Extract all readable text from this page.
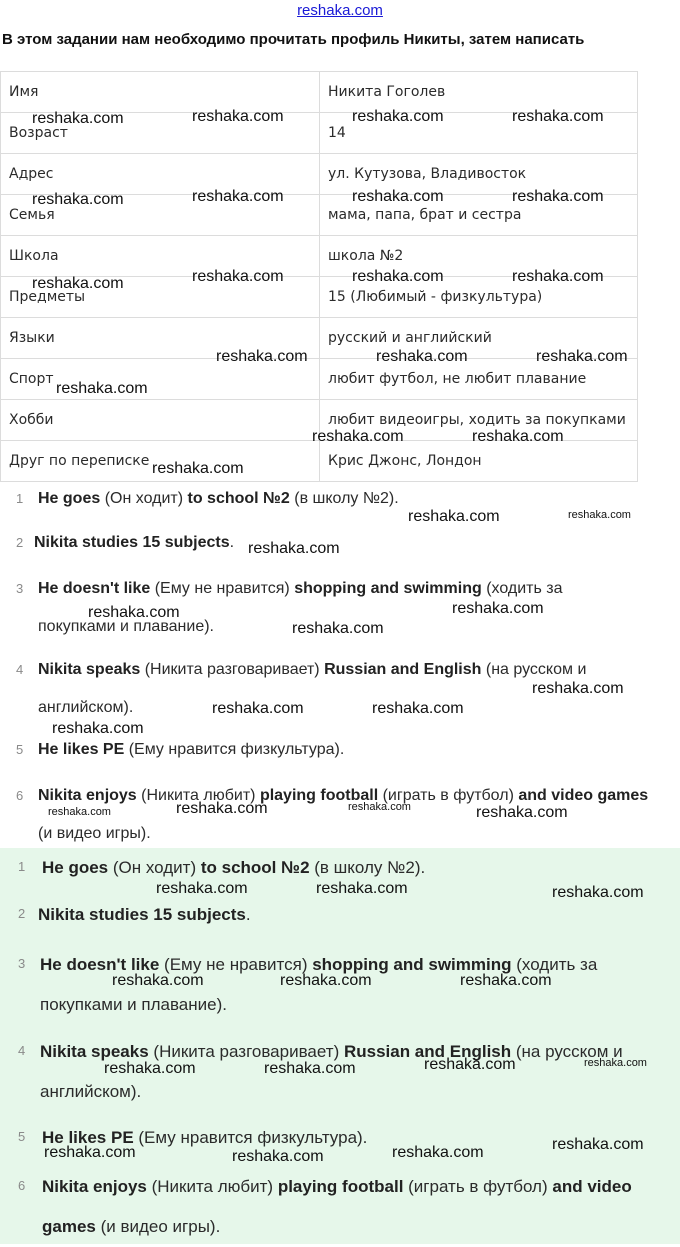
reshaka.com
В этом задании нам необходимо прочитать профиль Никиты, затем написать
Имя	Никита Гоголев
Возраст	14
Адрес	ул. Кутузова, Владивосток
Семья	мама, папа, брат и сестра
Школа	школа №2
Предметы	15 (Любимый - физкультура)
Языки	русский и английский
Спорт	любит футбол, не любит плавание
Хобби	любит видеоигры, ходить за покупками
Друг по переписке	Крис Джонс, Лондон
1 He goes (Он ходит) to school №2 (в школу №2).
2 Nikita studies 15 subjects.
3 He doesn't like (Ему не нравится) shopping and swimming (ходить за покупками и плавание).
4 Nikita speaks (Никита разговаривает) Russian and English (на русском и английском).
5 He likes PE (Ему нравится физкультура).
6 Nikita enjoys (Никита любит) playing football (играть в футбол) and video games (и видео игры).
1 He goes (Он ходит) to school №2 (в школу №2).
2 Nikita studies 15 subjects.
3 He doesn't like (Ему не нравится) shopping and swimming (ходить за покупками и плавание).
4 Nikita speaks (Никита разговаривает) Russian and English (на русском и английском).
5 He likes PE (Ему нравится физкультура).
6 Nikita enjoys (Никита любит) playing football (играть в футбол) and video games (и видео игры).
reshaka.com	reshaka.com	reshaka.com	reshaka.com
reshaka.com	reshaka.com	reshaka.com	reshaka.com
reshaka.com	reshaka.com	reshaka.com	reshaka.com
reshaka.com	reshaka.com	reshaka.com
reshaka.com
reshaka.com	reshaka.com
reshaka.com
reshaka.com	reshaka.com
reshaka.com
reshaka.com	reshaka.com
reshaka.com
reshaka.com
reshaka.com
reshaka.com	reshaka.com
reshaka.com	reshaka.com	reshaka.com	reshaka.com
reshaka.com	reshaka.com	reshaka.com
reshaka.com	reshaka.com	reshaka.com
reshaka.com	reshaka.com	reshaka.com	reshaka.com
reshaka.com	reshaka.com	reshaka.com	reshaka.com
